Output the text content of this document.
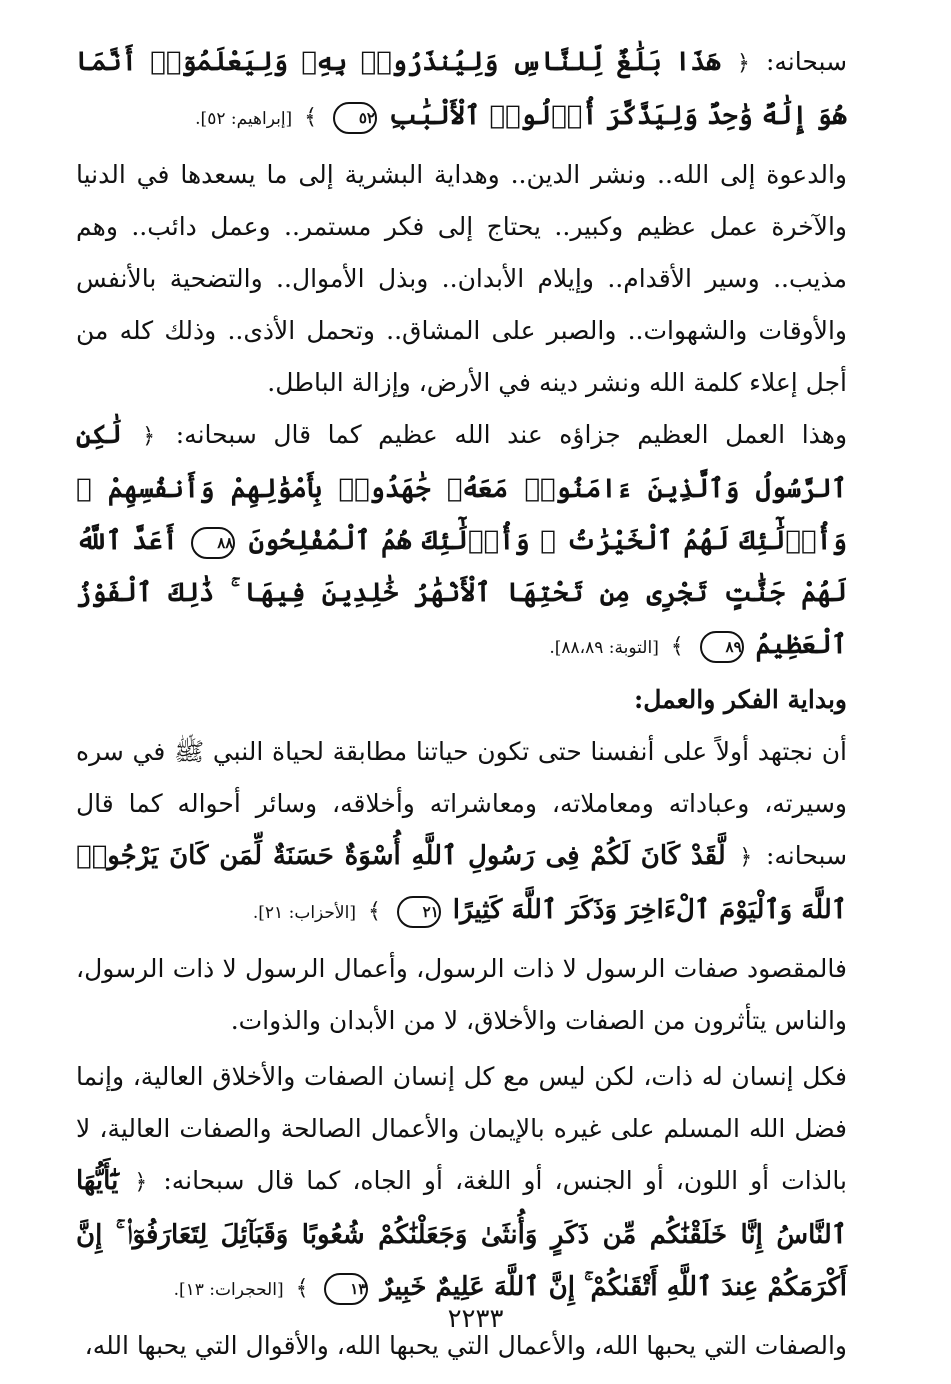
سبحانه: ﴿ هَذَا بَلَٰغٌ لِّلنَّاسِ وَلِيُنذَرُوا۟ بِهِۦ وَلِيَعْلَمُوٓا۟ أَنَّمَا هُوَ إِلَٰهٌ وَٰحِدٌ وَلِيَذَّكَّرَ أُو۟لُوا۟ ٱلْأَلْبَٰبِ ٥٢ ﴾ [إبراهيم: ٥٢].
والدعوة إلى الله.. ونشر الدين.. وهداية البشرية إلى ما يسعدها في الدنيا والآخرة عمل عظيم وكبير.. يحتاج إلى فكر مستمر.. وعمل دائب.. وهم مذيب.. وسير الأقدام.. وإيلام الأبدان.. وبذل الأموال.. والتضحية بالأنفس والأوقات والشهوات.. والصبر على المشاق.. وتحمل الأذى.. وذلك كله من أجل إعلاء كلمة الله ونشر دينه في الأرض، وإزالة الباطل.
وهذا العمل العظيم جزاؤه عند الله عظيم كما قال سبحانه: ﴿ لَٰكِنِ ٱلرَّسُولُ وَٱلَّذِينَ ءَامَنُوا۟ مَعَهُۥ جَٰهَدُوا۟ بِأَمْوَٰلِهِمْ وَأَنفُسِهِمْ ۚ وَأُو۟لَٰٓئِكَ لَهُمُ ٱلْخَيْرَٰتُ ۖ وَأُو۟لَٰٓئِكَ هُمُ ٱلْمُفْلِحُونَ ٨٨ أَعَدَّ ٱللَّهُ لَهُمْ جَنَّٰتٍ تَجْرِى مِن تَحْتِهَا ٱلْأَنْهَٰرُ خَٰلِدِينَ فِيهَا ۚ ذَٰلِكَ ٱلْفَوْزُ ٱلْعَظِيمُ ٨٩ ﴾ [التوبة: ٨٨،٨٩].
وبداية الفكر والعمل:
أن نجتهد أولاً على أنفسنا حتى تكون حياتنا مطابقة لحياة النبي ﷺ في سره وسيرته، وعباداته ومعاملاته، ومعاشراته وأخلاقه، وسائر أحواله كما قال سبحانه: ﴿ لَّقَدْ كَانَ لَكُمْ فِى رَسُولِ ٱللَّهِ أُسْوَةٌ حَسَنَةٌ لِّمَن كَانَ يَرْجُوا۟ ٱللَّهَ وَٱلْيَوْمَ ٱلْءَاخِرَ وَذَكَرَ ٱللَّهَ كَثِيرًا ٢١ ﴾ [الأحزاب: ٢١].
فالمقصود صفات الرسول لا ذات الرسول، وأعمال الرسول لا ذات الرسول، والناس يتأثرون من الصفات والأخلاق، لا من الأبدان والذوات.
فكل إنسان له ذات، لكن ليس مع كل إنسان الصفات والأخلاق العالية، وإنما فضل الله المسلم على غيره بالإيمان والأعمال الصالحة والصفات العالية، لا بالذات أو اللون، أو الجنس، أو اللغة، أو الجاه، كما قال سبحانه: ﴿ يَٰٓأَيُّهَا ٱلنَّاسُ إِنَّا خَلَقْنَٰكُم مِّن ذَكَرٍ وَأُنثَىٰ وَجَعَلْنَٰكُمْ شُعُوبًا وَقَبَآئِلَ لِتَعَارَفُوٓا۟ ۚ إِنَّ أَكْرَمَكُمْ عِندَ ٱللَّهِ أَتْقَىٰكُمْ ۚ إِنَّ ٱللَّهَ عَلِيمٌ خَبِيرٌ ١٣ ﴾ [الحجرات: ١٣].
والصفات التي يحبها الله، والأعمال التي يحبها الله، والأقوال التي يحبها الله،
٢٢٣٣
